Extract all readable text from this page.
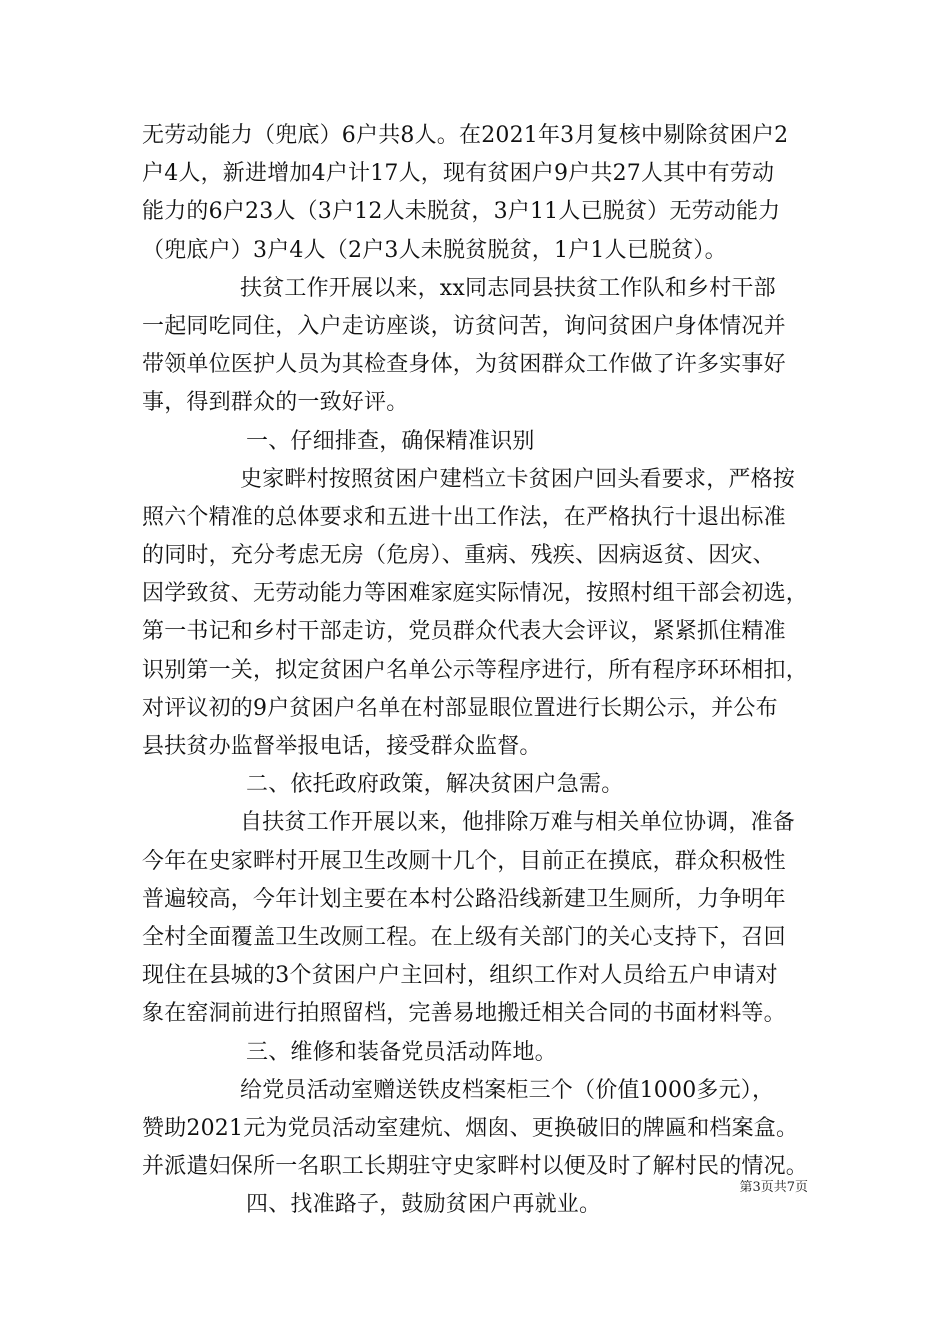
无劳动能力（兜底）6户共8人。在2021年3月复核中剔除贫困户2
户4人，新进增加4户计17人，现有贫困户9户共27人其中有劳动
能力的6户23人（3户12人未脱贫，3户11人已脱贫）无劳动能力
（兜底户）3户4人（2户3人未脱贫脱贫，1户1人已脱贫）。
扶贫工作开展以来，xx同志同县扶贫工作队和乡村干部
一起同吃同住，入户走访座谈，访贫问苦，询问贫困户身体情况并
带领单位医护人员为其检查身体，为贫困群众工作做了许多实事好
事，得到群众的一致好评。
一、仔细排查，确保精准识别
史家畔村按照贫困户建档立卡贫困户回头看要求，严格按
照六个精准的总体要求和五进十出工作法，在严格执行十退出标准
的同时，充分考虑无房（危房）、重病、残疾、因病返贫、因灾、
因学致贫、无劳动能力等困难家庭实际情况，按照村组干部会初选，
第一书记和乡村干部走访，党员群众代表大会评议，紧紧抓住精准
识别第一关，拟定贫困户名单公示等程序进行，所有程序环环相扣，
对评议初的9户贫困户名单在村部显眼位置进行长期公示，并公布
县扶贫办监督举报电话，接受群众监督。
二、依托政府政策，解决贫困户急需。
自扶贫工作开展以来，他排除万难与相关单位协调，准备
今年在史家畔村开展卫生改厕十几个，目前正在摸底，群众积极性
普遍较高，今年计划主要在本村公路沿线新建卫生厕所，力争明年
全村全面覆盖卫生改厕工程。在上级有关部门的关心支持下，召回
现住在县城的3个贫困户户主回村，组织工作对人员给五户申请对
象在窑洞前进行拍照留档，完善易地搬迁相关合同的书面材料等。
三、维修和装备党员活动阵地。
给党员活动室赠送铁皮档案柜三个（价值1000多元），
赞助2021元为党员活动室建炕、烟囱、更换破旧的牌匾和档案盒。
并派遣妇保所一名职工长期驻守史家畔村以便及时了解村民的情况。
四、找准路子，鼓励贫困户再就业。
第3页共7页
